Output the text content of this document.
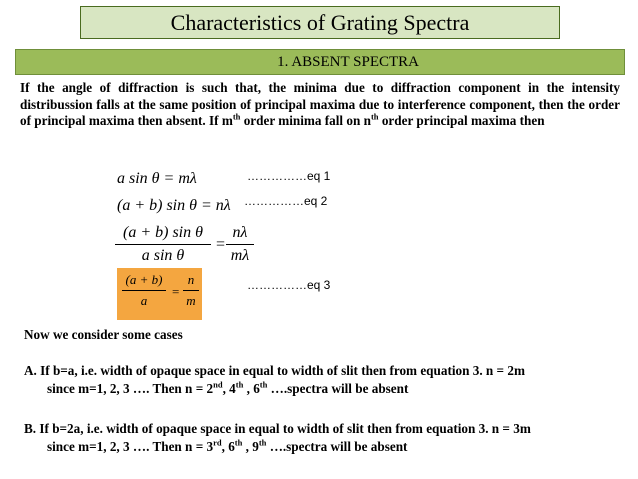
Characteristics of Grating Spectra
1. ABSENT SPECTRA

If the angle of diffraction is such that, the minima due to diffraction component in the intensity distribussion falls at the same position of principal maxima due to interference component, then the order of principal maxima then absent. If $m^{th}$ order minima fall on $n^{th}$ order principal maxima then

a sin θ = mλ	……………eq 1
(a + b) sin θ = nλ ……………eq 2
(a + b) sin θ
a sin θ
=
nλ
mλ
(a + b)
a
=
n
m
……………eq 3
Now we consider some cases
A. If b=a, i.e. width of opaque space in equal to width of slit then from equation 3. n = 2m
since m=1, 2, 3 …. Then n = 2nd, 4th , 6th ….spectra will be absent
B. If b=2a, i.e. width of opaque space in equal to width of slit then from equation 3. n = 3m
since m=1, 2, 3 …. Then n = 3rd, 6th , 9th ….spectra will be absent
